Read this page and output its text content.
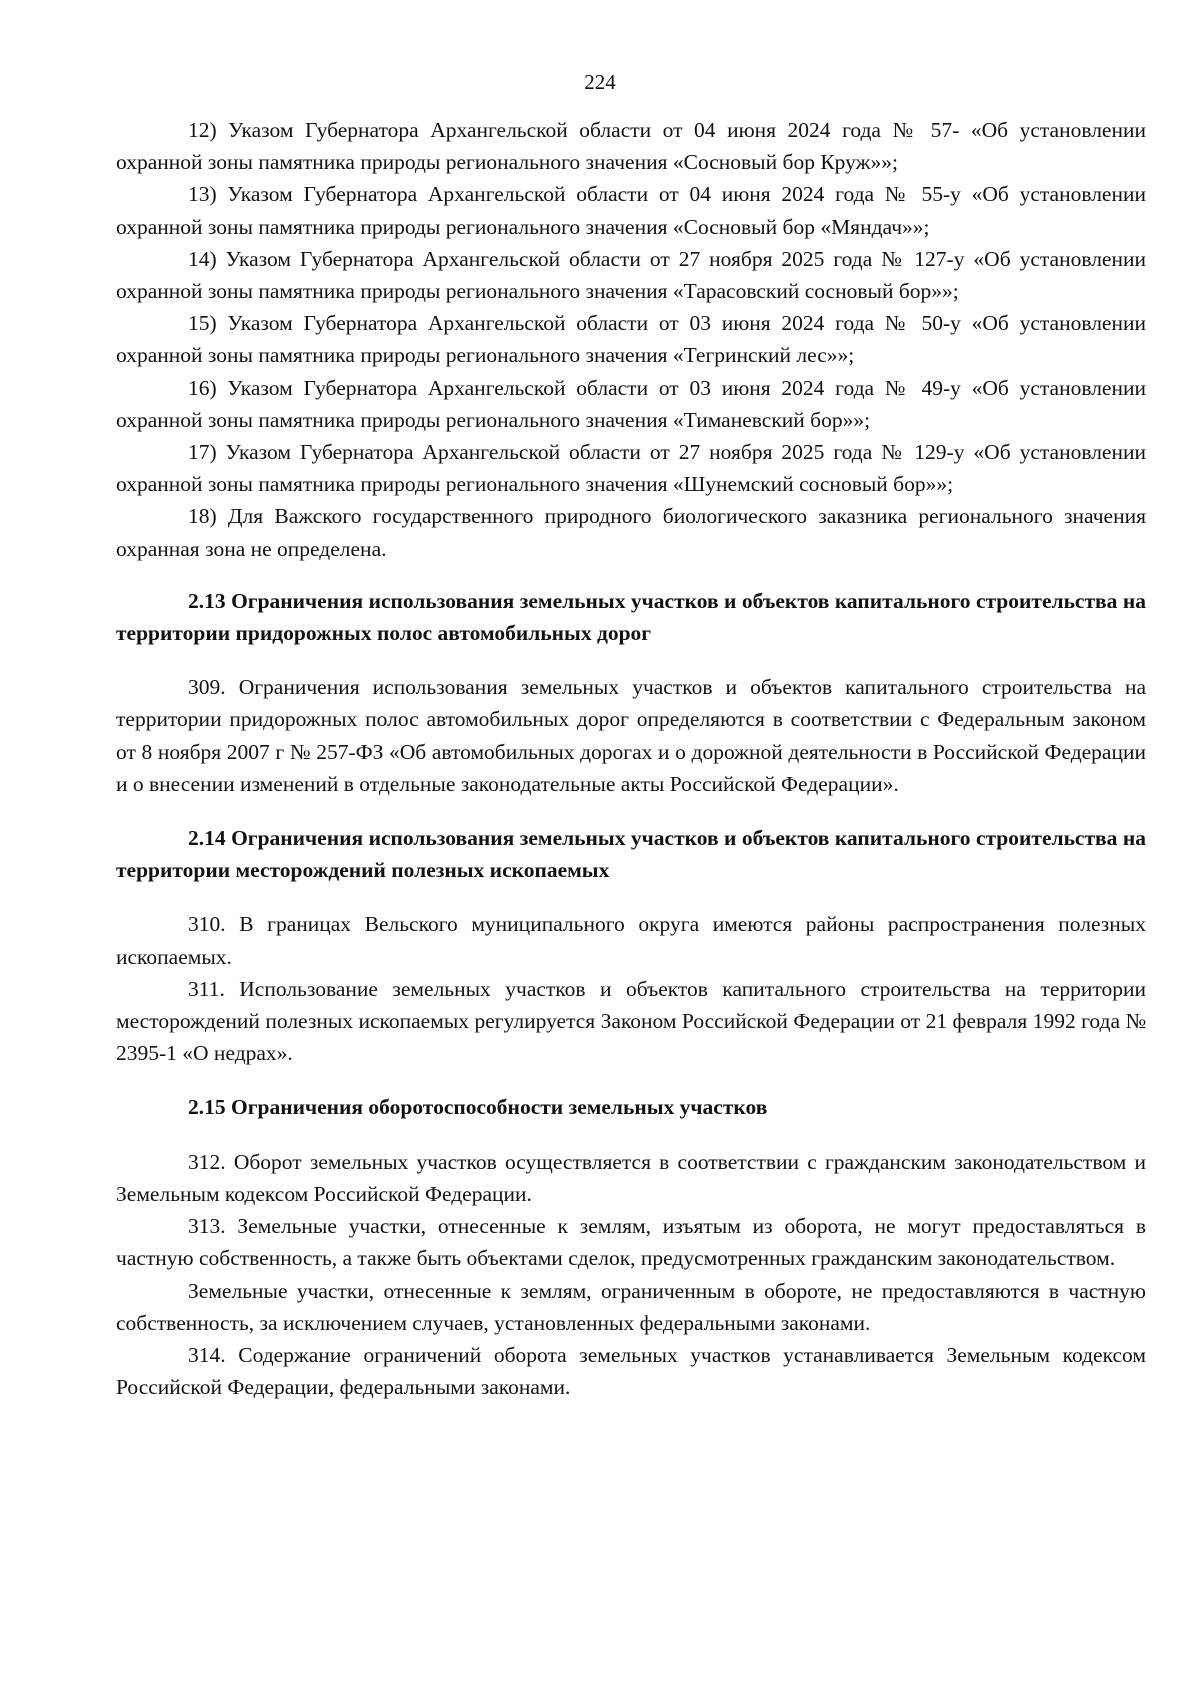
224

12) Указом Губернатора Архангельской области от 04 июня 2024 года № 57- «Об установлении охранной зоны памятника природы регионального значения «Сосновый бор Круж»»;

13) Указом Губернатора Архангельской области от 04 июня 2024 года № 55-у «Об установлении охранной зоны памятника природы регионального значения «Сосновый бор «Мяндач»»;

14) Указом Губернатора Архангельской области от 27 ноября 2025 года № 127-у «Об установлении охранной зоны памятника природы регионального значения «Тарасовский сосновый бор»»;

15) Указом Губернатора Архангельской области от 03 июня 2024 года № 50-у «Об установлении охранной зоны памятника природы регионального значения «Тегринский лес»»;

16) Указом Губернатора Архангельской области от 03 июня 2024 года № 49-у «Об установлении охранной зоны памятника природы регионального значения «Тиманевский бор»»;

17) Указом Губернатора Архангельской области от 27 ноября 2025 года № 129-у «Об установлении охранной зоны памятника природы регионального значения «Шунемский сосновый бор»»;

18) Для Важского государственного природного биологического заказника регионального значения охранная зона не определена.

2.13 Ограничения использования земельных участков и объектов капитального строительства на территории придорожных полос автомобильных дорог

309. Ограничения использования земельных участков и объектов капитального строительства на территории придорожных полос автомобильных дорог определяются в соответствии с Федеральным законом от 8 ноября 2007 г № 257-ФЗ «Об автомобильных дорогах и о дорожной деятельности в Российской Федерации и о внесении изменений в отдельные законодательные акты Российской Федерации».

2.14 Ограничения использования земельных участков и объектов капитального строительства на территории месторождений полезных ископаемых

310. В границах Вельского муниципального округа имеются районы распространения полезных ископаемых.

311. Использование земельных участков и объектов капитального строительства на территории месторождений полезных ископаемых регулируется Законом Российской Федерации от 21 февраля 1992 года № 2395-1 «О недрах».

2.15 Ограничения оборотоспособности земельных участков

312. Оборот земельных участков осуществляется в соответствии с гражданским законодательством и Земельным кодексом Российской Федерации.

313. Земельные участки, отнесенные к землям, изъятым из оборота, не могут предоставляться в частную собственность, а также быть объектами сделок, предусмотренных гражданским законодательством.

Земельные участки, отнесенные к землям, ограниченным в обороте, не предоставляются в частную собственность, за исключением случаев, установленных федеральными законами.

314. Содержание ограничений оборота земельных участков устанавливается Земельным кодексом Российской Федерации, федеральными законами.
